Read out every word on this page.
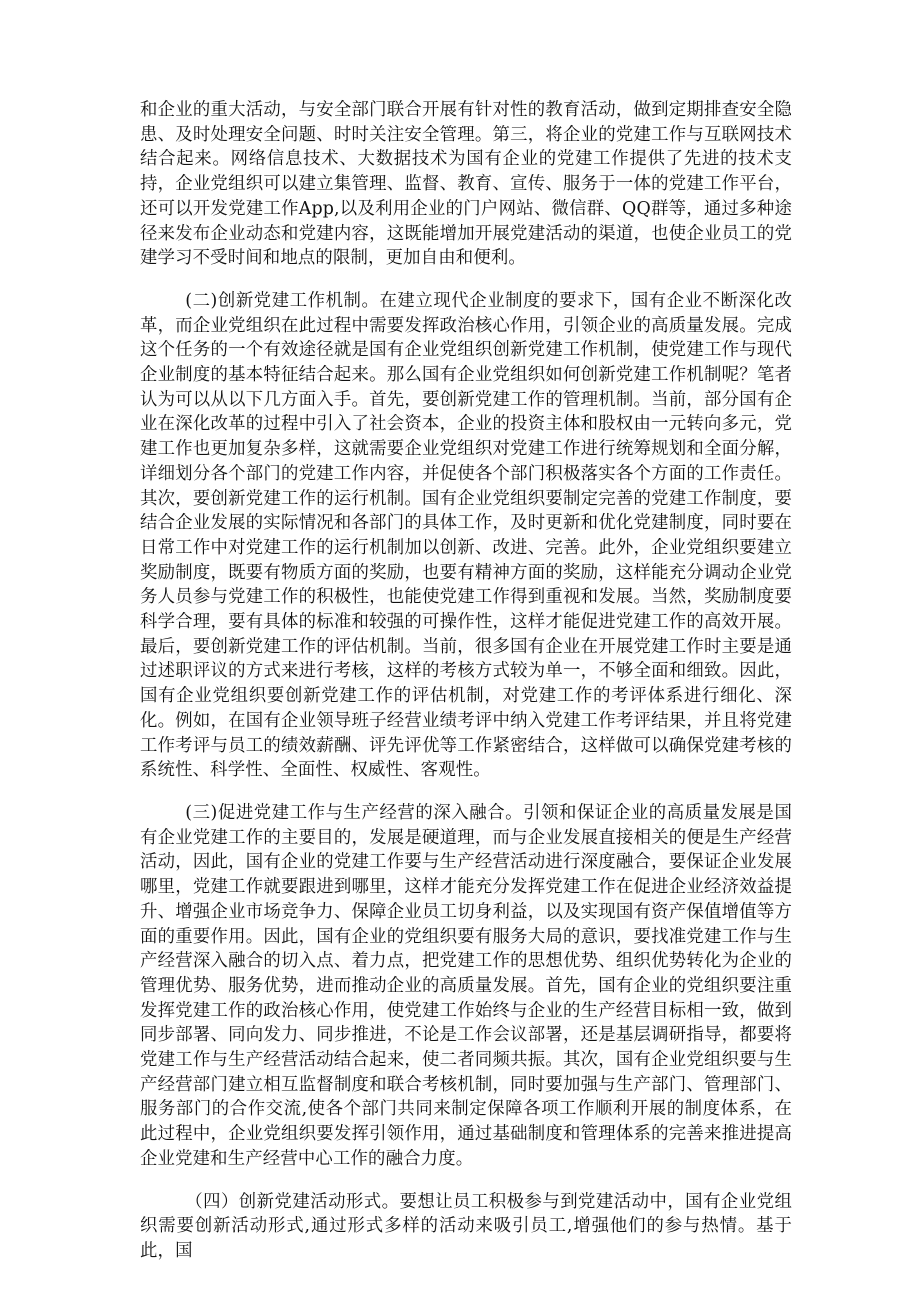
和企业的重大活动，与安全部门联合开展有针对性的教育活动，做到定期排查安全隐患、及时处理安全问题、时时关注安全管理。第三，将企业的党建工作与互联网技术结合起来。网络信息技术、大数据技术为国有企业的党建工作提供了先进的技术支持，企业党组织可以建立集管理、监督、教育、宣传、服务于一体的党建工作平台，还可以开发党建工作App,以及利用企业的门户网站、微信群、QQ群等，通过多种途径来发布企业动态和党建内容，这既能增加开展党建活动的渠道，也使企业员工的党建学习不受时间和地点的限制，更加自由和便利。

(二)创新党建工作机制。在建立现代企业制度的要求下，国有企业不断深化改革，而企业党组织在此过程中需要发挥政治核心作用，引领企业的高质量发展。完成这个任务的一个有效途径就是国有企业党组织创新党建工作机制，使党建工作与现代企业制度的基本特征结合起来。那么国有企业党组织如何创新党建工作机制呢？笔者认为可以从以下几方面入手。首先，要创新党建工作的管理机制。当前，部分国有企业在深化改革的过程中引入了社会资本，企业的投资主体和股权由一元转向多元，党建工作也更加复杂多样，这就需要企业党组织对党建工作进行统筹规划和全面分解，详细划分各个部门的党建工作内容，并促使各个部门积极落实各个方面的工作责任。其次，要创新党建工作的运行机制。国有企业党组织要制定完善的党建工作制度，要结合企业发展的实际情况和各部门的具体工作，及时更新和优化党建制度，同时要在日常工作中对党建工作的运行机制加以创新、改进、完善。此外，企业党组织要建立奖励制度，既要有物质方面的奖励，也要有精神方面的奖励，这样能充分调动企业党务人员参与党建工作的积极性，也能使党建工作得到重视和发展。当然，奖励制度要科学合理，要有具体的标准和较强的可操作性，这样才能促进党建工作的高效开展。最后，要创新党建工作的评估机制。当前，很多国有企业在开展党建工作时主要是通过述职评议的方式来进行考核，这样的考核方式较为单一，不够全面和细致。因此，国有企业党组织要创新党建工作的评估机制，对党建工作的考评体系进行细化、深化。例如，在国有企业领导班子经营业绩考评中纳入党建工作考评结果，并且将党建工作考评与员工的绩效薪酬、评先评优等工作紧密结合，这样做可以确保党建考核的系统性、科学性、全面性、权威性、客观性。

(三)促进党建工作与生产经营的深入融合。引领和保证企业的高质量发展是国有企业党建工作的主要目的，发展是硬道理，而与企业发展直接相关的便是生产经营活动，因此，国有企业的党建工作要与生产经营活动进行深度融合，要保证企业发展哪里，党建工作就要跟进到哪里，这样才能充分发挥党建工作在促进企业经济效益提升、增强企业市场竞争力、保障企业员工切身利益，以及实现国有资产保值增值等方面的重要作用。因此，国有企业的党组织要有服务大局的意识，要找准党建工作与生产经营深入融合的切入点、着力点，把党建工作的思想优势、组织优势转化为企业的管理优势、服务优势，进而推动企业的高质量发展。首先，国有企业的党组织要注重发挥党建工作的政治核心作用，使党建工作始终与企业的生产经营目标相一致，做到同步部署、同向发力、同步推进，不论是工作会议部署，还是基层调研指导，都要将党建工作与生产经营活动结合起来，使二者同频共振。其次，国有企业党组织要与生产经营部门建立相互监督制度和联合考核机制，同时要加强与生产部门、管理部门、服务部门的合作交流,使各个部门共同来制定保障各项工作顺利开展的制度体系，在此过程中，企业党组织要发挥引领作用，通过基础制度和管理体系的完善来推进提高企业党建和生产经营中心工作的融合力度。

（四）创新党建活动形式。要想让员工积极参与到党建活动中，国有企业党组织需要创新活动形式,通过形式多样的活动来吸引员工,增强他们的参与热情。基于此，国
